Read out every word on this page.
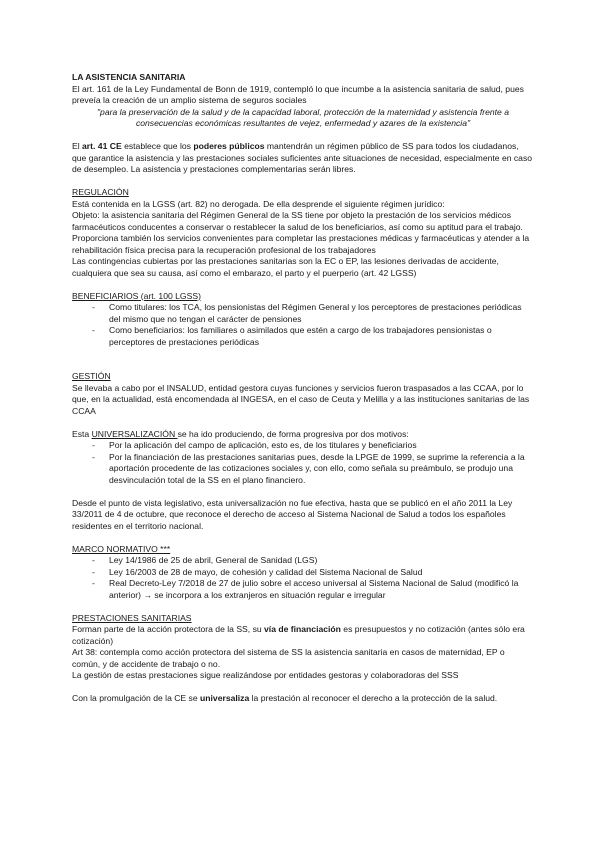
LA ASISTENCIA SANITARIA
El art. 161 de la Ley Fundamental de Bonn de 1919, contempló lo que incumbe a la asistencia sanitaria de salud, pues preveía la creación de un amplio sistema de seguros sociales
"para la preservación de la salud y de la capacidad laboral, protección de la maternidad y asistencia frente a consecuencias económicas resultantes de vejez, enfermedad y azares de la existencia"
El art. 41 CE establece que los poderes públicos mantendrán un régimen público de SS para todos los ciudadanos, que garantice la asistencia y las prestaciones sociales suficientes ante situaciones de necesidad, especialmente en caso de desempleo. La asistencia y prestaciones complementarias serán libres.
REGULACIÓN
Está contenida en la LGSS (art. 82) no derogada. De ella desprende el siguiente régimen jurídico:
Objeto: la asistencia sanitaria del Régimen General de la SS tiene por objeto la prestación de los servicios médicos farmacéuticos conducentes a conservar o restablecer la salud de los beneficiarios, así como su aptitud para el trabajo.
Proporciona también los servicios convenientes para completar las prestaciones médicas y farmacéuticas y atender a la rehabilitación física precisa para la recuperación profesional de los trabajadores
Las contingencias cubiertas por las prestaciones sanitarias son la EC o EP, las lesiones derivadas de accidente, cualquiera que sea su causa, así como el embarazo, el parto y el puerperio (art. 42 LGSS)
BENEFICIARIOS (art. 100 LGSS)
- Como titulares: los TCA, los pensionistas del Régimen General y los perceptores de prestaciones periódicas del mismo que no tengan el carácter de pensiones
- Como beneficiarios: los familiares o asimilados que estén a cargo de los trabajadores pensionistas o perceptores de prestaciones periódicas
GESTIÓN
Se llevaba a cabo por el INSALUD, entidad gestora cuyas funciones y servicios fueron traspasados a las CCAA, por lo que, en la actualidad, está encomendada al INGESA, en el caso de Ceuta y Melilla y a las instituciones sanitarias de las CCAA
Esta UNIVERSALIZACIÓN se ha ido produciendo, de forma progresiva por dos motivos:
- Por la aplicación del campo de aplicación, esto es, de los titulares y beneficiarios
- Por la financiación de las prestaciones sanitarias pues, desde la LPGE de 1999, se suprime la referencia a la aportación procedente de las cotizaciones sociales y, con ello, como señala su preámbulo, se produjo una desvinculación total de la SS en el plano financiero.
Desde el punto de vista legislativo, esta universalización no fue efectiva, hasta que se publicó en el año 2011 la Ley 33/2011 de 4 de octubre, que reconoce el derecho de acceso al Sistema Nacional de Salud a todos los españoles residentes en el territorio nacional.
MARCO NORMATIVO ***
- Ley 14/1986 de 25 de abril, General de Sanidad (LGS)
- Ley 16/2003 de 28 de mayo, de cohesión y calidad del Sistema Nacional de Salud
- Real Decreto-Ley 7/2018 de 27 de julio sobre el acceso universal al Sistema Nacional de Salud (modificó la anterior) → se incorpora a los extranjeros en situación regular e irregular
PRESTACIONES SANITARIAS
Forman parte de la acción protectora de la SS, su vía de financiación es presupuestos y no cotización (antes sólo era cotización)
Art 38: contempla como acción protectora del sistema de SS la asistencia sanitaria en casos de maternidad, EP o común, y de accidente de trabajo o no.
La gestión de estas prestaciones sigue realizándose por entidades gestoras y colaboradoras del SSS
Con la promulgación de la CE se universaliza la prestación al reconocer el derecho a la protección de la salud.
